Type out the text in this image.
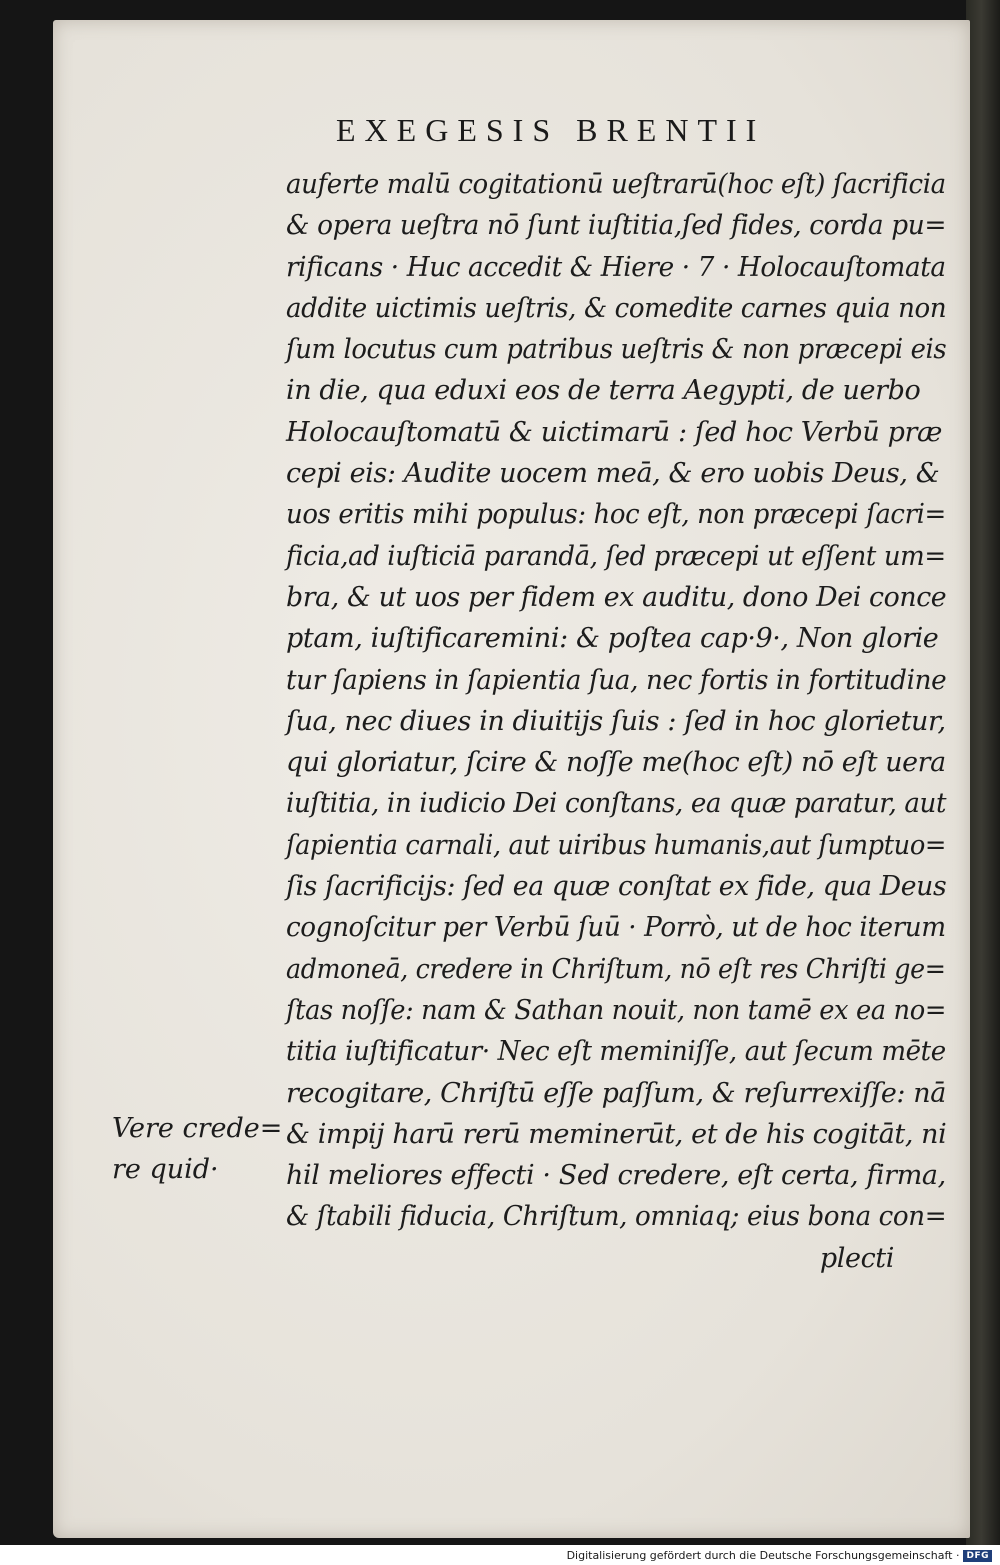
EXEGESIS BRENTII
auferte malū cogitationū ueſtrarū(hoc eſt) ſacrificia
& opera ueſtra nō ſunt iuſtitia,ſed fides, corda pu=
rificans · Huc accedit & Hiere · 7 · Holocauſtomata
addite uictimis ueſtris, & comedite carnes quia non
ſum locutus cum patribus ueſtris & non præcepi eis
in die, qua eduxi eos de terra Aegypti, de uerbo
Holocauſtomatū & uictimarū : ſed hoc Verbū præ
cepi eis: Audite uocem meā, & ero uobis Deus, &
uos eritis mihi populus: hoc eſt, non præcepi ſacri=
ficia,ad iuſticiā parandā, ſed præcepi ut eſſent um=
bra, & ut uos per fidem ex auditu, dono Dei conce
ptam, iuſtificaremini: & poſtea cap·9·, Non glorie
tur ſapiens in ſapientia ſua, nec fortis in fortitudine
ſua, nec diues in diuitijs ſuis : ſed in hoc glorietur,
qui gloriatur, ſcire & noſſe me(hoc eſt) nō eſt uera
iuſtitia, in iudicio Dei conſtans, ea quæ paratur, aut
ſapientia carnali, aut uiribus humanis,aut ſumptuo=
ſis ſacrificijs: ſed ea quæ conſtat ex fide, qua Deus
cognoſcitur per Verbū ſuū · Porrò, ut de hoc iterum
admoneā, credere in Chriſtum, nō eſt res Chriſti ge=
ſtas noſſe: nam & Sathan nouit, non tamē ex ea no=
titia iuſtificatur· Nec eſt meminiſſe, aut ſecum mēte
recogitare, Chriſtū eſſe paſſum, & reſurrexiſſe: nā
& impij harū rerū meminerūt, et de his cogitāt, ni
hil meliores effecti · Sed credere, eſt certa, firma,
& ſtabili fiducia, Chriſtum, omniaq; eius bona con=
plecti
Vere crede=
re quid·
Digitalisierung gefördert durch die Deutsche Forschungsgemeinschaft · DFG
